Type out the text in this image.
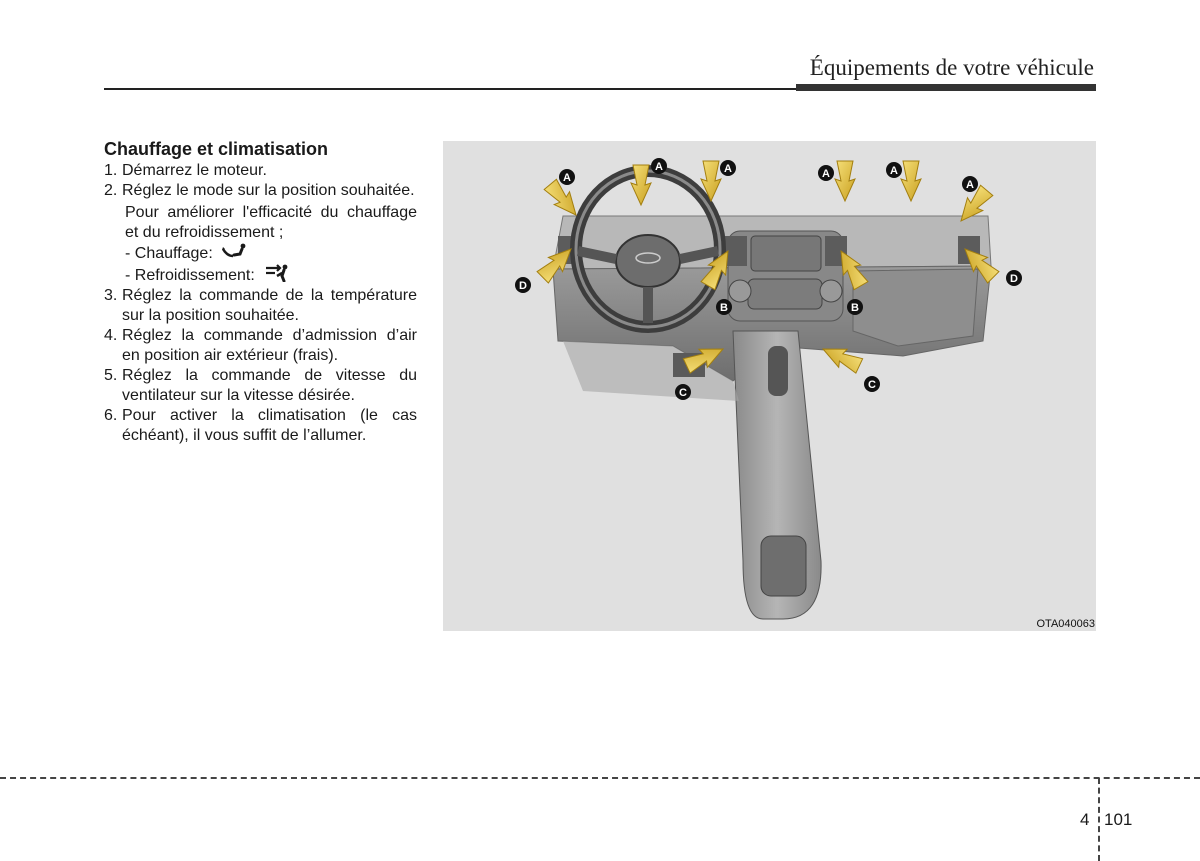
Équipements de votre véhicule
Chauffage et climatisation
1. Démarrez le moteur.
2. Réglez le mode sur la position souhaitée.
Pour améliorer l'efficacité du chauffage et du refroidissement ;
- Chauffage:
- Refroidissement:
3. Réglez la commande de la température sur la position souhaitée.
4. Réglez la commande d’admission d’air en position air extérieur (frais).
5. Réglez la commande de vitesse du ventilateur sur la vitesse désirée.
6. Pour activer la climatisation (le cas échéant), il vous suffit de l’allumer.
A
A	A	A	A
A
B	B
C
C
D
D
OTA040063
4 101
